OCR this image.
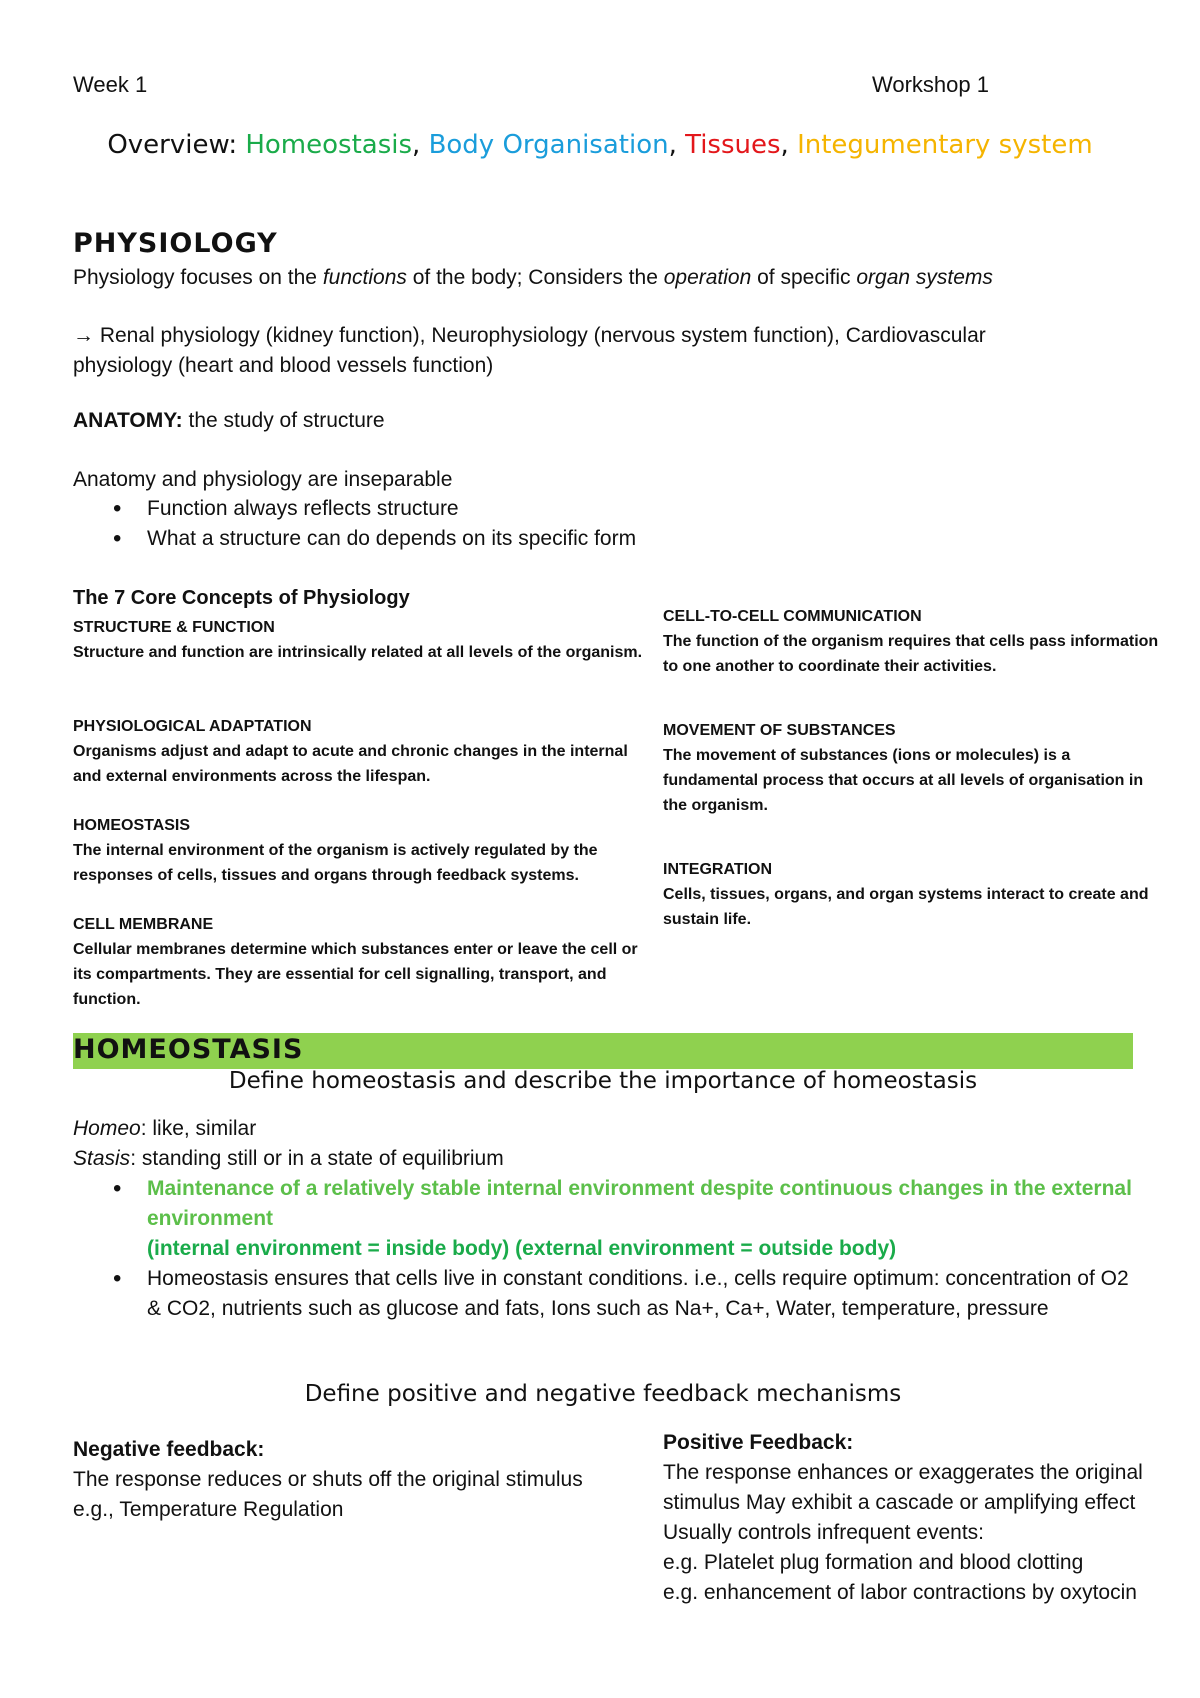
Week 1	Workshop 1
Overview: Homeostasis, Body Organisation, Tissues, Integumentary system
PHYSIOLOGY
Physiology focuses on the functions of the body; Considers the operation of specific organ systems
→ Renal physiology (kidney function), Neurophysiology (nervous system function), Cardiovascular physiology (heart and blood vessels function)
ANATOMY: the study of structure
Anatomy and physiology are inseparable
• Function always reflects structure
• What a structure can do depends on its specific form
The 7 Core Concepts of Physiology
STRUCTURE & FUNCTION
Structure and function are intrinsically related at all levels of the organism.
PHYSIOLOGICAL ADAPTATION
Organisms adjust and adapt to acute and chronic changes in the internal and external environments across the lifespan.
HOMEOSTASIS
The internal environment of the organism is actively regulated by the responses of cells, tissues and organs through feedback systems.
CELL MEMBRANE
Cellular membranes determine which substances enter or leave the cell or its compartments. They are essential for cell signalling, transport, and function.
CELL-TO-CELL COMMUNICATION
The function of the organism requires that cells pass information to one another to coordinate their activities.
MOVEMENT OF SUBSTANCES
The movement of substances (ions or molecules) is a fundamental process that occurs at all levels of organisation in the organism.
INTEGRATION
Cells, tissues, organs, and organ systems interact to create and sustain life.
HOMEOSTASIS
Define homeostasis and describe the importance of homeostasis
Homeo: like, similar
Stasis: standing still or in a state of equilibrium
• Maintenance of a relatively stable internal environment despite continuous changes in the external environment
(internal environment = inside body) (external environment = outside body)
• Homeostasis ensures that cells live in constant conditions. i.e., cells require optimum: concentration of O2 & CO2, nutrients such as glucose and fats, Ions such as Na+, Ca+, Water, temperature, pressure
Define positive and negative feedback mechanisms
Negative feedback:
The response reduces or shuts off the original stimulus
e.g., Temperature Regulation
Positive Feedback:
The response enhances or exaggerates the original stimulus May exhibit a cascade or amplifying effect Usually controls infrequent events:
e.g. Platelet plug formation and blood clotting
e.g. enhancement of labor contractions by oxytocin
